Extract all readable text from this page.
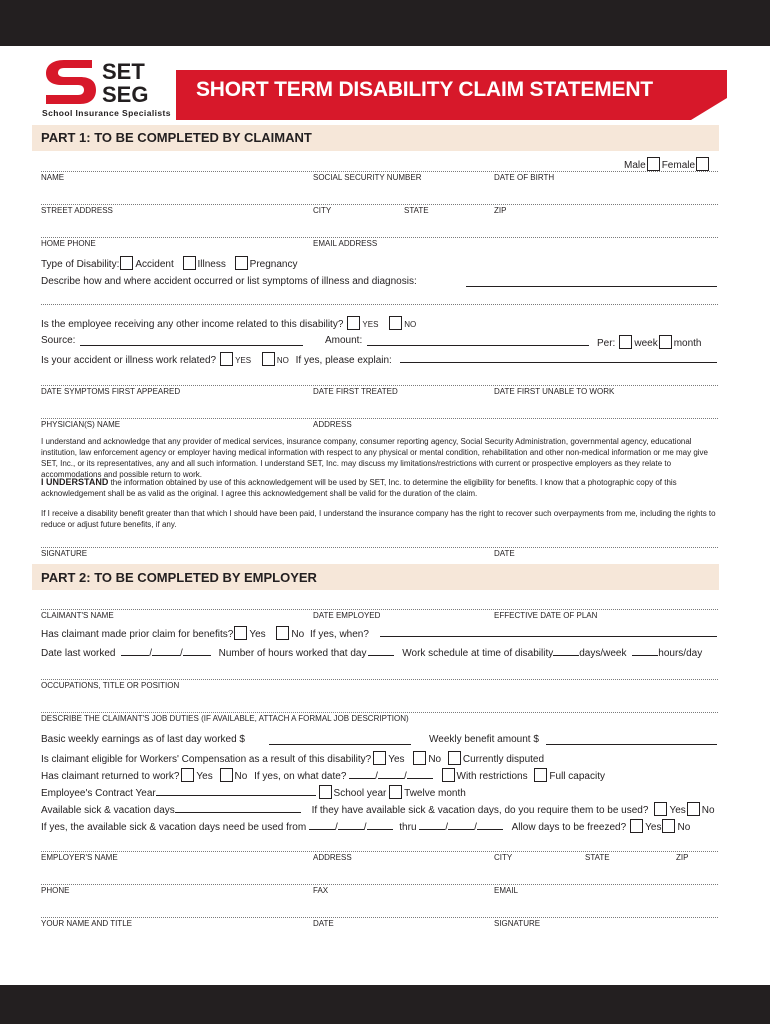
SET
SEG
School Insurance Specialists
SHORT TERM DISABILITY CLAIM STATEMENT
PART 1: TO BE COMPLETED BY CLAIMANT
Male Female
NAME	SOCIAL SECURITY NUMBER	DATE OF BIRTH
STREET ADDRESS	CITY	STATE	ZIP
HOME PHONE	EMAIL ADDRESS
Type of Disability: Accident Illness Pregnancy
Describe how and where accident occurred or list symptoms of illness and diagnosis:
Is the employee receiving any other income related to this disability? YES	NO
Source:	Amount:	Per: week month
Is your accident or illness work related? YES	NO If yes, please explain:
DATE SYMPTOMS FIRST APPEARED	DATE FIRST TREATED	DATE FIRST UNABLE TO WORK
PHYSICIAN(S) NAME	ADDRESS
I understand and acknowledge that any provider of medical services, insurance company, consumer reporting agency, Social Security Administration, governmental agency, educational institution, law enforcement agency or employer having medical information with respect to any physical or mental condition, rehabilitation and other non-medical information or me may give SET, Inc., or its representatives, any and all such information. I understand SET, Inc. may discuss my limitations/restrictions with current or prospective employers as they relate to accommodations and possible return to work.
I UNDERSTAND the information obtained by use of this acknowledgement will be used by SET, Inc. to determine the eligibility for benefits. I know that a photographic copy of this acknowledgement shall be as valid as the original. I agree this acknowledgement shall be valid for the duration of the claim.
If I receive a disability benefit greater than that which I should have been paid, I understand the insurance company has the right to recover such overpayments from me, including the rights to reduce or adjust future benefits, if any.
SIGNATURE	DATE
PART 2: TO BE COMPLETED BY EMPLOYER
CLAIMANT'S NAME	DATE EMPLOYED	EFFECTIVE DATE OF PLAN
Has claimant made prior claim for benefits? Yes	No If yes, when?
Date last worked	/	/	Number of hours worked that day	Work schedule at time of disability	days/week	hours/day
OCCUPATIONS, TITLE OR POSITION
DESCRIBE THE CLAIMANT'S JOB DUTIES (IF AVAILABLE, ATTACH A FORMAL JOB DESCRIPTION)
Basic weekly earnings as of last day worked $	Weekly benefit amount $
Is claimant eligible for Workers' Compensation as a result of this disability? Yes No Currently disputed
Has claimant returned to work? Yes No If yes, on what date?	/	/	With restrictions Full capacity
Employee's Contract Year	School year Twelve month
Available sick & vacation days	If they have available sick & vacation days, do you require them to be used? Yes No
If yes, the available sick & vacation days need be used from	/	/	thru	/	/	Allow days to be freezed? Yes No
EMPLOYER'S NAME	ADDRESS	CITY	STATE	ZIP
PHONE	FAX	EMAIL
YOUR NAME AND TITLE	DATE	SIGNATURE
